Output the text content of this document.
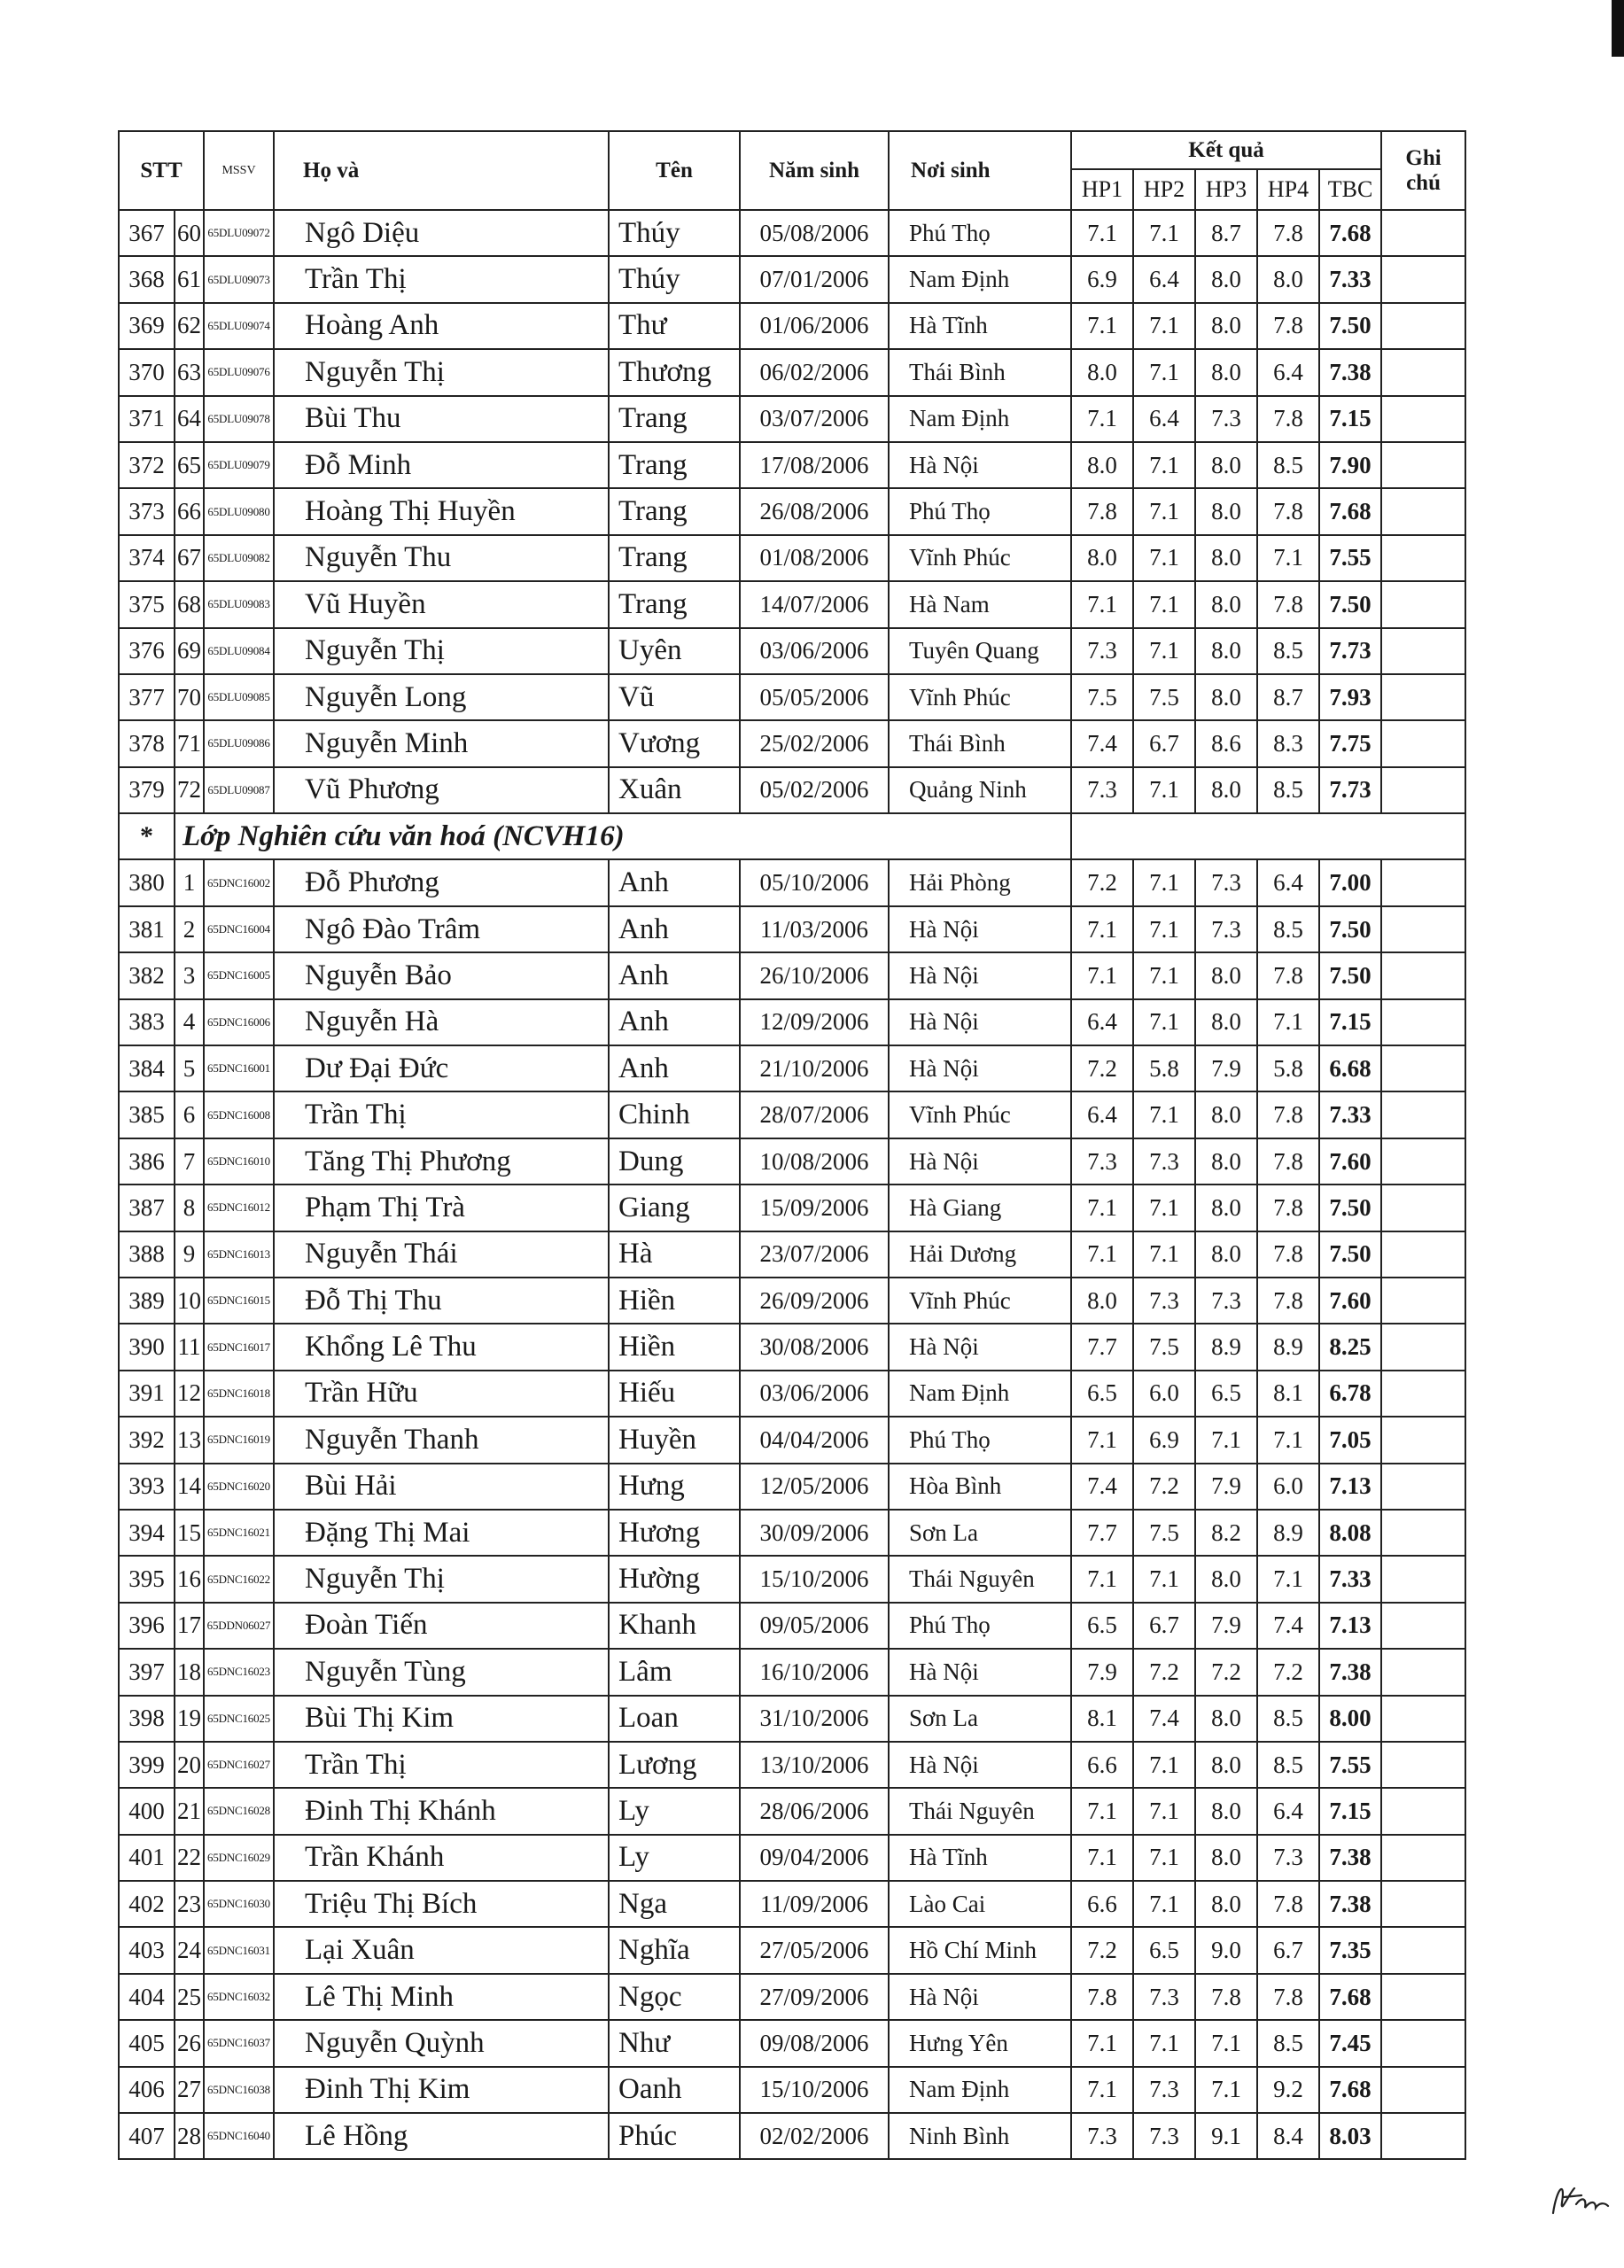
STT		MSSV	Họ và	Tên	Năm sinh	Nơi sinh	Kết quả					Ghi
chú
							HP1	HP2	HP3	HP4	TBC	
367	60	65DLU09072	Ngô Diệu	Thúy	05/08/2006	Phú Thọ	7.1	7.1	8.7	7.8	7.68	
368	61	65DLU09073	Trần Thị	Thúy	07/01/2006	Nam Định	6.9	6.4	8.0	8.0	7.33	
369	62	65DLU09074	Hoàng Anh	Thư	01/06/2006	Hà Tĩnh	7.1	7.1	8.0	7.8	7.50	
370	63	65DLU09076	Nguyễn Thị	Thương	06/02/2006	Thái Bình	8.0	7.1	8.0	6.4	7.38	
371	64	65DLU09078	Bùi Thu	Trang	03/07/2006	Nam Định	7.1	6.4	7.3	7.8	7.15	
372	65	65DLU09079	Đỗ Minh	Trang	17/08/2006	Hà Nội	8.0	7.1	8.0	8.5	7.90	
373	66	65DLU09080	Hoàng Thị Huyền	Trang	26/08/2006	Phú Thọ	7.8	7.1	8.0	7.8	7.68	
374	67	65DLU09082	Nguyễn Thu	Trang	01/08/2006	Vĩnh Phúc	8.0	7.1	8.0	7.1	7.55	
375	68	65DLU09083	Vũ Huyền	Trang	14/07/2006	Hà Nam	7.1	7.1	8.0	7.8	7.50	
376	69	65DLU09084	Nguyễn Thị	Uyên	03/06/2006	Tuyên Quang	7.3	7.1	8.0	8.5	7.73	
377	70	65DLU09085	Nguyễn Long	Vũ	05/05/2006	Vĩnh Phúc	7.5	7.5	8.0	8.7	7.93	
378	71	65DLU09086	Nguyễn Minh	Vương	25/02/2006	Thái Bình	7.4	6.7	8.6	8.3	7.75	
379	72	65DLU09087	Vũ Phương	Xuân	05/02/2006	Quảng Ninh	7.3	7.1	8.0	8.5	7.73	
*	Lớp Nghiên cứu văn hoá (NCVH16)											
380	1	65DNC16002	Đỗ Phương	Anh	05/10/2006	Hải Phòng	7.2	7.1	7.3	6.4	7.00	
381	2	65DNC16004	Ngô Đào Trâm	Anh	11/03/2006	Hà Nội	7.1	7.1	7.3	8.5	7.50	
382	3	65DNC16005	Nguyễn Bảo	Anh	26/10/2006	Hà Nội	7.1	7.1	8.0	7.8	7.50	
383	4	65DNC16006	Nguyễn Hà	Anh	12/09/2006	Hà Nội	6.4	7.1	8.0	7.1	7.15	
384	5	65DNC16001	Dư Đại Đức	Anh	21/10/2006	Hà Nội	7.2	5.8	7.9	5.8	6.68	
385	6	65DNC16008	Trần Thị	Chinh	28/07/2006	Vĩnh Phúc	6.4	7.1	8.0	7.8	7.33	
386	7	65DNC16010	Tăng Thị Phương	Dung	10/08/2006	Hà Nội	7.3	7.3	8.0	7.8	7.60	
387	8	65DNC16012	Phạm Thị Trà	Giang	15/09/2006	Hà Giang	7.1	7.1	8.0	7.8	7.50	
388	9	65DNC16013	Nguyễn Thái	Hà	23/07/2006	Hải Dương	7.1	7.1	8.0	7.8	7.50	
389	10	65DNC16015	Đỗ Thị Thu	Hiền	26/09/2006	Vĩnh Phúc	8.0	7.3	7.3	7.8	7.60	
390	11	65DNC16017	Khổng Lê Thu	Hiền	30/08/2006	Hà Nội	7.7	7.5	8.9	8.9	8.25	
391	12	65DNC16018	Trần Hữu	Hiếu	03/06/2006	Nam Định	6.5	6.0	6.5	8.1	6.78	
392	13	65DNC16019	Nguyễn Thanh	Huyền	04/04/2006	Phú Thọ	7.1	6.9	7.1	7.1	7.05	
393	14	65DNC16020	Bùi Hải	Hưng	12/05/2006	Hòa Bình	7.4	7.2	7.9	6.0	7.13	
394	15	65DNC16021	Đặng Thị Mai	Hương	30/09/2006	Sơn La	7.7	7.5	8.2	8.9	8.08	
395	16	65DNC16022	Nguyễn Thị	Hường	15/10/2006	Thái Nguyên	7.1	7.1	8.0	7.1	7.33	
396	17	65DDN06027	Đoàn Tiến	Khanh	09/05/2006	Phú Thọ	6.5	6.7	7.9	7.4	7.13	
397	18	65DNC16023	Nguyễn Tùng	Lâm	16/10/2006	Hà Nội	7.9	7.2	7.2	7.2	7.38	
398	19	65DNC16025	Bùi Thị Kim	Loan	31/10/2006	Sơn La	8.1	7.4	8.0	8.5	8.00	
399	20	65DNC16027	Trần Thị	Lương	13/10/2006	Hà Nội	6.6	7.1	8.0	8.5	7.55	
400	21	65DNC16028	Đinh Thị Khánh	Ly	28/06/2006	Thái Nguyên	7.1	7.1	8.0	6.4	7.15	
401	22	65DNC16029	Trần Khánh	Ly	09/04/2006	Hà Tĩnh	7.1	7.1	8.0	7.3	7.38	
402	23	65DNC16030	Triệu Thị Bích	Nga	11/09/2006	Lào Cai	6.6	7.1	8.0	7.8	7.38	
403	24	65DNC16031	Lại Xuân	Nghĩa	27/05/2006	Hồ Chí Minh	7.2	6.5	9.0	6.7	7.35	
404	25	65DNC16032	Lê Thị Minh	Ngọc	27/09/2006	Hà Nội	7.8	7.3	7.8	7.8	7.68	
405	26	65DNC16037	Nguyễn Quỳnh	Như	09/08/2006	Hưng Yên	7.1	7.1	7.1	8.5	7.45	
406	27	65DNC16038	Đinh Thị Kim	Oanh	15/10/2006	Nam Định	7.1	7.3	7.1	9.2	7.68	
407	28	65DNC16040	Lê Hồng	Phúc	02/02/2006	Ninh Bình	7.3	7.3	9.1	8.4	8.03	
